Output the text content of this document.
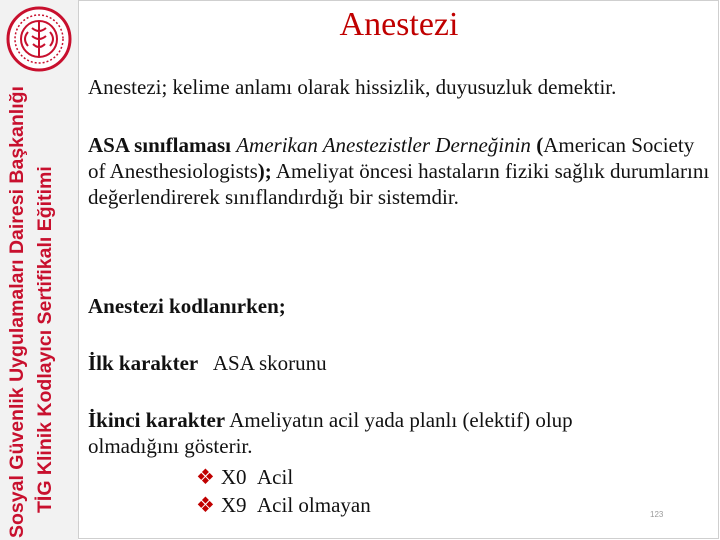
Sosyal Güvenlik Uygulamaları Dairesi Başkanlığı TİG Klinik Kodlayıcı Sertifikalı Eğitimi
Anestezi
Anestezi; kelime anlamı olarak hissizlik, duyusuzluk demektir.
ASA sınıflaması Amerikan Anestezistler Derneğinin (American Society of Anesthesiologists); Ameliyat öncesi hastaların fiziki sağlık durumlarını değerlendirerek sınıflandırdığı bir sistemdir.
Anestezi kodlanırken;
İlk karakter ASA skorunu
İkinci karakter Ameliyatın acil yada planlı (elektif) olup olmadığını gösterir.
❖ X0 Acil
❖ X9 Acil olmayan	123
